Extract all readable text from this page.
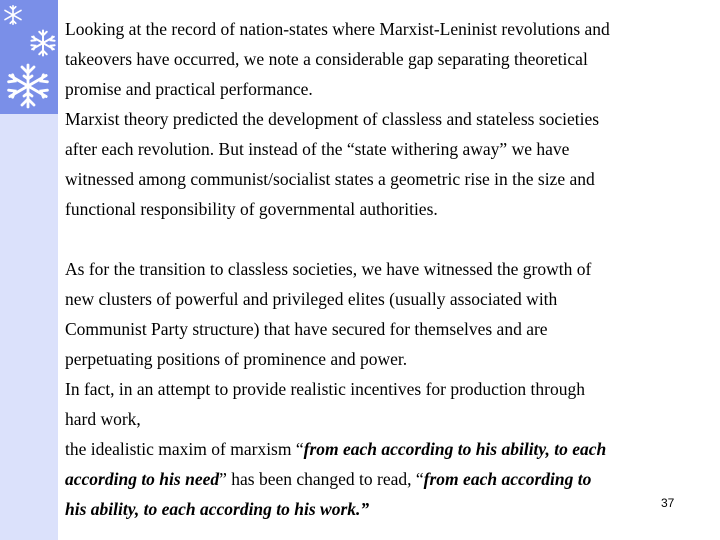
Looking at the record of nation-states where Marxist-Leninist revolutions and

takeovers have occurred, we note a considerable gap separating theoretical

promise and practical performance.

Marxist theory predicted the development of classless and stateless societies

after each revolution. But instead of the “state withering away” we have

witnessed among communist/socialist states a geometric rise in the size and

functional responsibility of governmental authorities.

As for the transition to classless societies, we have witnessed the growth of

new clusters of powerful and privileged elites (usually associated with

Communist Party structure) that have secured for themselves and are

perpetuating positions of prominence and power.

In fact, in an attempt to provide realistic incentives for production through

hard work,

the idealistic maxim of marxism “from each according to his ability, to each

according to his need” has been changed to read, “from each according to

his ability, to each according to his work.”	37
